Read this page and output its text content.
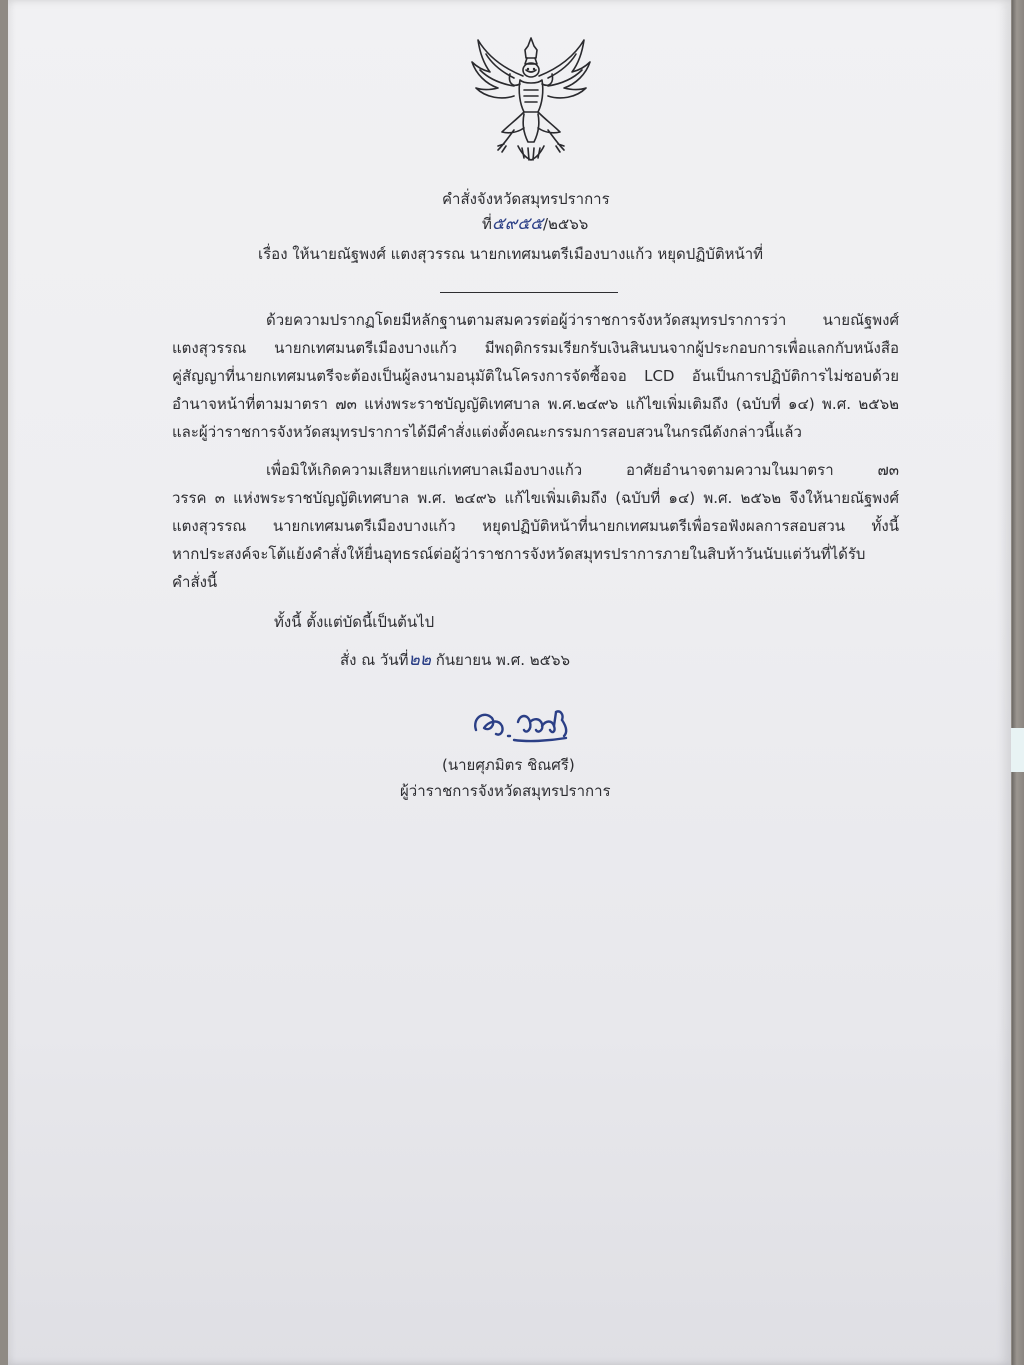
คำสั่งจังหวัดสมุทรปราการ
ที่๕๙๕๕/๒๕๖๖
เรื่อง ให้นายณัฐพงศ์ แตงสุวรรณ นายกเทศมนตรีเมืองบางแก้ว หยุดปฏิบัติหน้าที่
ด้วยความปรากฏโดยมีหลักฐานตามสมควรต่อผู้ว่าราชการจังหวัดสมุทรปราการว่า นายณัฐพงศ์
แตงสุวรรณ นายกเทศมนตรีเมืองบางแก้ว มีพฤติกรรมเรียกรับเงินสินบนจากผู้ประกอบการเพื่อแลกกับหนังสือ
คู่สัญญาที่นายกเทศมนตรีจะต้องเป็นผู้ลงนามอนุมัติในโครงการจัดซื้อจอ LCD อันเป็นการปฏิบัติการไม่ชอบด้วย
อำนาจหน้าที่ตามมาตรา ๗๓ แห่งพระราชบัญญัติเทศบาล พ.ศ.๒๔๙๖ แก้ไขเพิ่มเติมถึง (ฉบับที่ ๑๔) พ.ศ. ๒๕๖๒
และผู้ว่าราชการจังหวัดสมุทรปราการได้มีคำสั่งแต่งตั้งคณะกรรมการสอบสวนในกรณีดังกล่าวนี้แล้ว
เพื่อมิให้เกิดความเสียหายแก่เทศบาลเมืองบางแก้ว อาศัยอำนาจตามความในมาตรา ๗๓
วรรค ๓ แห่งพระราชบัญญัติเทศบาล พ.ศ. ๒๔๙๖ แก้ไขเพิ่มเติมถึง (ฉบับที่ ๑๔) พ.ศ. ๒๕๖๒ จึงให้นายณัฐพงศ์
แตงสุวรรณ นายกเทศมนตรีเมืองบางแก้ว หยุดปฏิบัติหน้าที่นายกเทศมนตรีเพื่อรอฟังผลการสอบสวน ทั้งนี้
หากประสงค์จะโต้แย้งคำสั่งให้ยื่นอุทธรณ์ต่อผู้ว่าราชการจังหวัดสมุทรปราการภายในสิบห้าวันนับแต่วันที่ได้รับ
คำสั่งนี้
ทั้งนี้ ตั้งแต่บัดนี้เป็นต้นไป
สั่ง ณ วันที่๒๒ กันยายน พ.ศ. ๒๕๖๖
(นายศุภมิตร ชิณศรี)
ผู้ว่าราชการจังหวัดสมุทรปราการ
